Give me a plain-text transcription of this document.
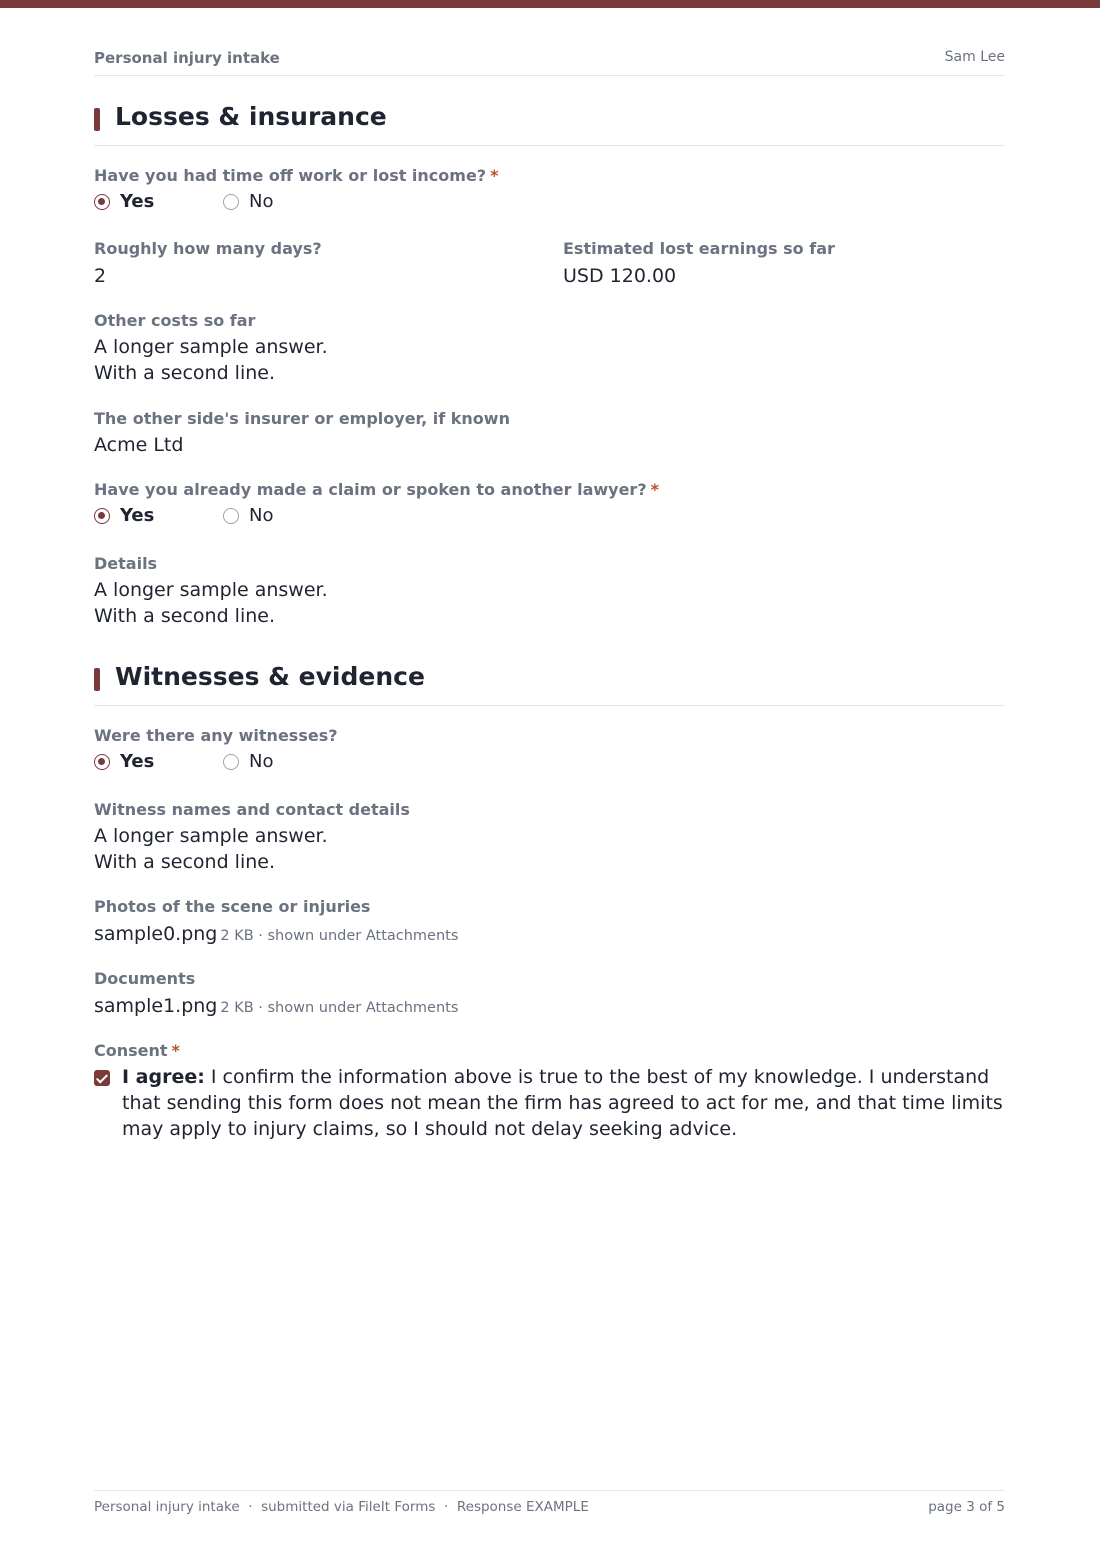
Personal injury intake	Sam Lee
Losses & insurance
Have you had time off work or lost income? *
Yes	No
Roughly how many days?
2
Estimated lost earnings so far
USD 120.00
Other costs so far
A longer sample answer.
With a second line.
The other side's insurer or employer, if known
Acme Ltd
Have you already made a claim or spoken to another lawyer? *
Yes	No
Details
A longer sample answer.
With a second line.
Witnesses & evidence
Were there any witnesses?
Yes	No
Witness names and contact details
A longer sample answer.
With a second line.
Photos of the scene or injuries
sample0.png 2 KB · shown under Attachments
Documents
sample1.png 2 KB · shown under Attachments
Consent *
I agree: I confirm the information above is true to the best of my knowledge. I understand that sending this form does not mean the firm has agreed to act for me, and that time limits may apply to injury claims, so I should not delay seeking advice.
Personal injury intake  ·  submitted via FileIt Forms  ·  Response EXAMPLE	page 3 of 5
